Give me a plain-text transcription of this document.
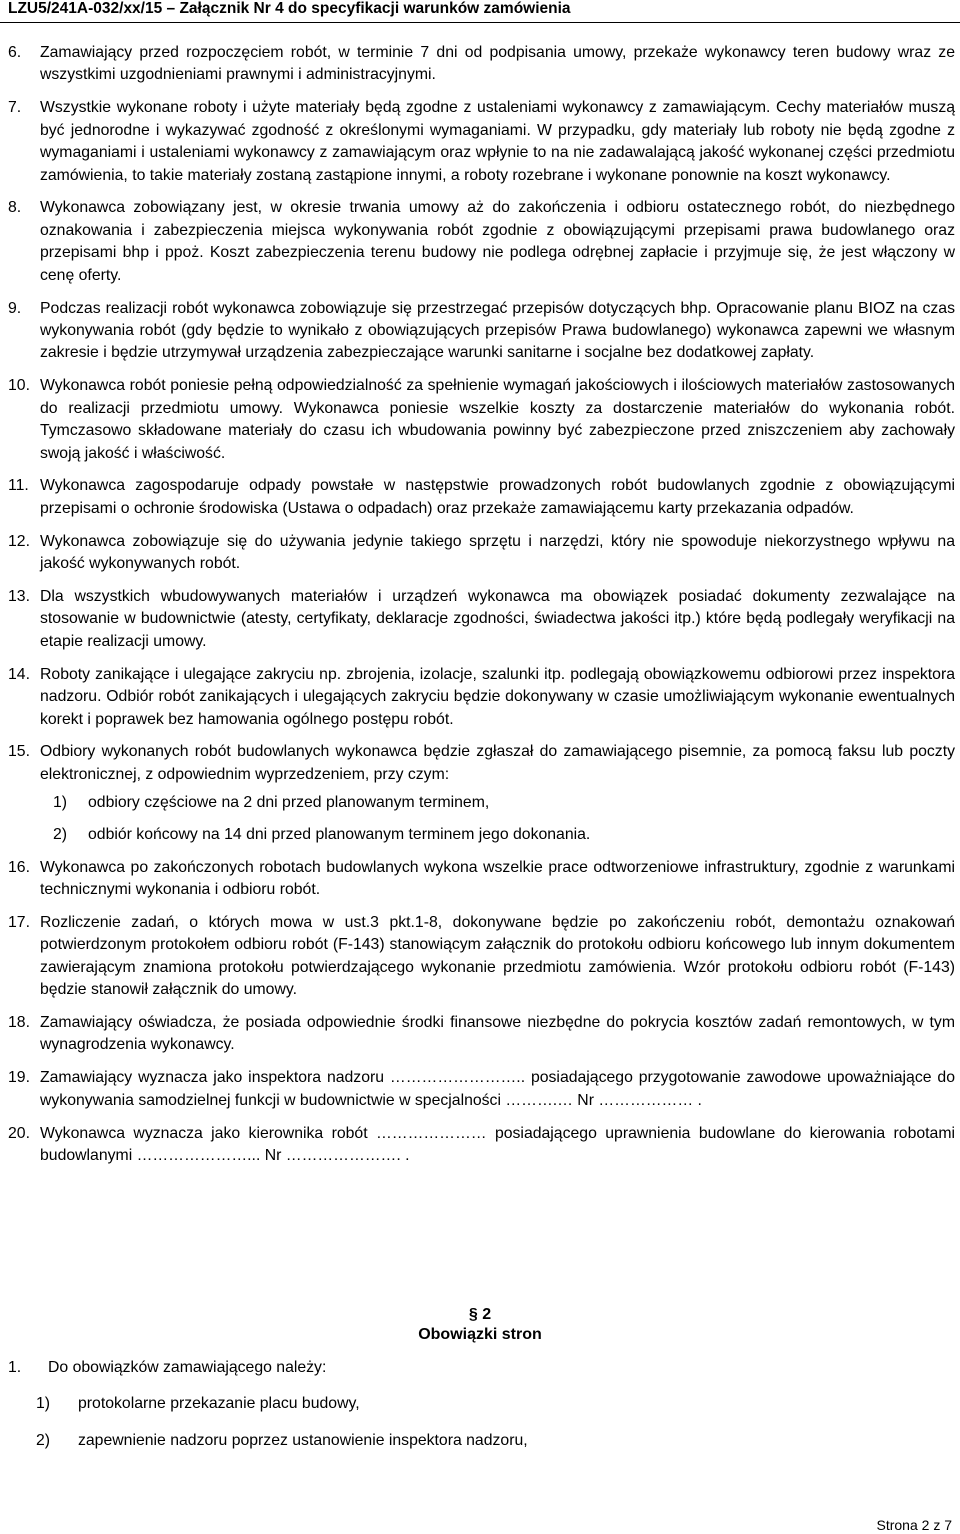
LZU5/241A-032/xx/15 – Załącznik Nr 4 do specyfikacji warunków zamówienia
6. Zamawiający przed rozpoczęciem robót, w terminie 7 dni od podpisania umowy, przekaże wykonawcy teren budowy wraz ze wszystkimi uzgodnieniami prawnymi i administracyjnymi.

7. Wszystkie wykonane roboty i użyte materiały będą zgodne z ustaleniami wykonawcy z zamawiającym. Cechy materiałów muszą być jednorodne i wykazywać zgodność z określonymi wymaganiami. W przypadku, gdy materiały lub roboty nie będą zgodne z wymaganiami i ustaleniami wykonawcy z zamawiającym oraz wpłynie to na nie zadawalającą jakość wykonanej części przedmiotu zamówienia, to takie materiały zostaną zastąpione innymi, a roboty rozebrane i wykonane ponownie na koszt wykonawcy.

8. Wykonawca zobowiązany jest, w okresie trwania umowy aż do zakończenia i odbioru ostatecznego robót, do niezbędnego oznakowania i zabezpieczenia miejsca wykonywania robót zgodnie z obowiązującymi przepisami prawa budowlanego oraz przepisami bhp i ppoż. Koszt zabezpieczenia terenu budowy nie podlega odrębnej zapłacie i przyjmuje się, że jest włączony w cenę oferty.

9. Podczas realizacji robót wykonawca zobowiązuje się przestrzegać przepisów dotyczących bhp. Opracowanie planu BIOZ na czas wykonywania robót (gdy będzie to wynikało z obowiązujących przepisów Prawa budowlanego) wykonawca zapewni we własnym zakresie i będzie utrzymywał urządzenia zabezpieczające warunki sanitarne i socjalne bez dodatkowej zapłaty.

10. Wykonawca robót poniesie pełną odpowiedzialność za spełnienie wymagań jakościowych i ilościowych materiałów zastosowanych do realizacji przedmiotu umowy. Wykonawca poniesie wszelkie koszty za dostarczenie materiałów do wykonania robót. Tymczasowo składowane materiały do czasu ich wbudowania powinny być zabezpieczone przed zniszczeniem aby zachowały swoją jakość i właściwość.

11. Wykonawca zagospodaruje odpady powstałe w następstwie prowadzonych robót budowlanych zgodnie z obowiązującymi przepisami o ochronie środowiska (Ustawa o odpadach) oraz przekaże zamawiającemu karty przekazania odpadów.

12. Wykonawca zobowiązuje się do używania jedynie takiego sprzętu i narzędzi, który nie spowoduje niekorzystnego wpływu na jakość wykonywanych robót.

13. Dla wszystkich wbudowywanych materiałów i urządzeń wykonawca ma obowiązek posiadać dokumenty zezwalające na stosowanie w budownictwie (atesty, certyfikaty, deklaracje zgodności, świadectwa jakości itp.) które będą podlegały weryfikacji na etapie realizacji umowy.

14. Roboty zanikające i ulegające zakryciu np. zbrojenia, izolacje, szalunki itp. podlegają obowiązkowemu odbiorowi przez inspektora nadzoru. Odbiór robót zanikających i ulegających zakryciu będzie dokonywany w czasie umożliwiającym wykonanie ewentualnych korekt i poprawek bez hamowania ogólnego postępu robót.

15. Odbiory wykonanych robót budowlanych wykonawca będzie zgłaszał do zamawiającego pisemnie, za pomocą faksu lub poczty elektronicznej, z odpowiednim wyprzedzeniem, przy czym:

1) odbiory częściowe na 2 dni przed planowanym terminem,
2) odbiór końcowy na 14 dni przed planowanym terminem jego dokonania.
16. Wykonawca po zakończonych robotach budowlanych wykona wszelkie prace odtworzeniowe infrastruktury, zgodnie z warunkami technicznymi wykonania i odbioru robót.

17. Rozliczenie zadań, o których mowa w ust.3 pkt.1-8, dokonywane będzie po zakończeniu robót, demontażu oznakowań potwierdzonym protokołem odbioru robót (F-143) stanowiącym załącznik do protokołu odbioru końcowego lub innym dokumentem zawierającym znamiona protokołu potwierdzającego wykonanie przedmiotu zamówienia. Wzór protokołu odbioru robót (F-143) będzie stanowił załącznik do umowy.

18. Zamawiający oświadcza, że posiada odpowiednie środki finansowe niezbędne do pokrycia kosztów zadań remontowych, w tym wynagrodzenia wykonawcy.

19. Zamawiający wyznacza jako inspektora nadzoru …………………….. posiadającego przygotowanie zawodowe upoważniające do wykonywania samodzielnej funkcji w budownictwie w specjalności ……….… Nr ……………… .

20. Wykonawca wyznacza jako kierownika robót ………………… posiadającego uprawnienia budowlane do kierowania robotami budowlanymi …………………... Nr …………………. .

§ 2
Obowiązki stron
1. Do obowiązków zamawiającego należy:
1) protokolarne przekazanie placu budowy,
2) zapewnienie nadzoru poprzez ustanowienie inspektora nadzoru,
Strona 2 z 7
